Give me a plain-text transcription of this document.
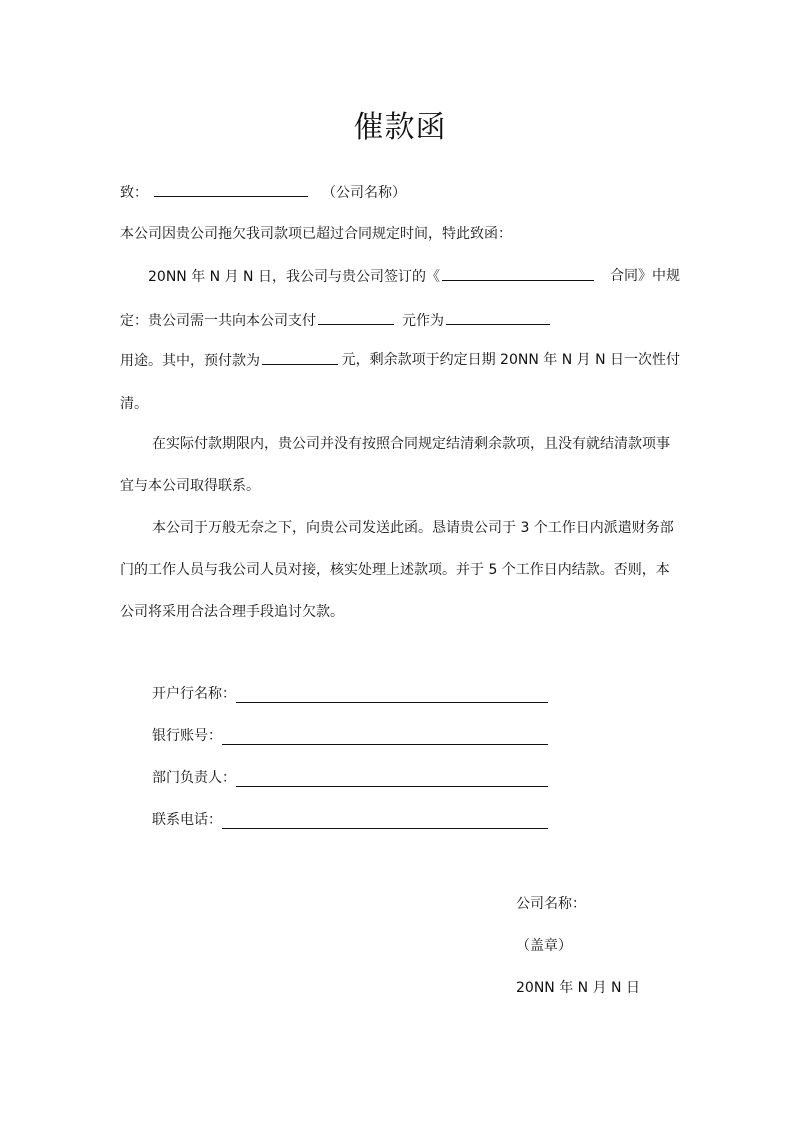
催款函
致：	（公司名称）
本公司因贵公司拖欠我司款项已超过合同规定时间，特此致函：
20NN 年 N 月 N 日，我公司与贵公司签订的《	合同》中规
定：贵公司需一共向本公司支付	元作为
用途。其中，预付款为	元，剩余款项于约定日期 20NN 年 N 月 N 日一次性付
清。
在实际付款期限内，贵公司并没有按照合同规定结清剩余款项，且没有就结清款项事
宜与本公司取得联系。
本公司于万般无奈之下，向贵公司发送此函。恳请贵公司于 3 个工作日内派遣财务部
门的工作人员与我公司人员对接，核实处理上述款项。并于 5 个工作日内结款。否则，本
公司将采用合法合理手段追讨欠款。
开户行名称：
银行账号：
部门负责人：
联系电话：
公司名称：
（盖章）
20NN 年 N 月 N 日
